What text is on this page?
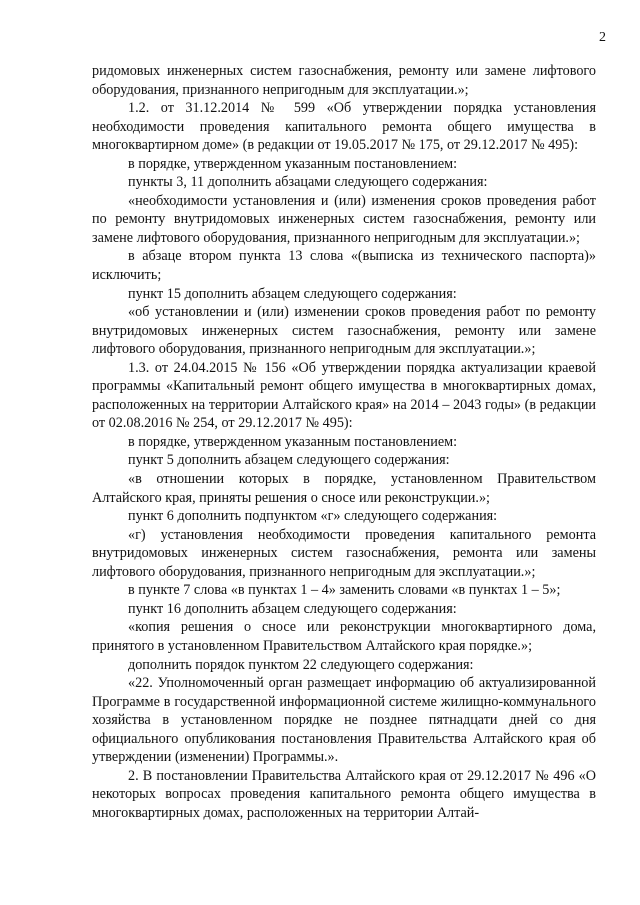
2

ридомовых инженерных систем газоснабжения, ремонту или замене лифтового оборудования, признанного непригодным для эксплуатации.»;

1.2. от 31.12.2014 № 599 «Об утверждении порядка установления необходимости проведения капитального ремонта общего имущества в многоквартирном доме» (в редакции от 19.05.2017 № 175, от 29.12.2017 № 495):

в порядке, утвержденном указанным постановлением:

пункты 3, 11 дополнить абзацами следующего содержания:

«необходимости установления и (или) изменения сроков проведения работ по ремонту внутридомовых инженерных систем газоснабжения, ремонту или замене лифтового оборудования, признанного непригодным для эксплуатации.»;

в абзаце втором пункта 13 слова «(выписка из технического паспорта)» исключить;

пункт 15 дополнить абзацем следующего содержания:

«об установлении и (или) изменении сроков проведения работ по ремонту внутридомовых инженерных систем газоснабжения, ремонту или замене лифтового оборудования, признанного непригодным для эксплуатации.»;

1.3. от 24.04.2015 № 156 «Об утверждении порядка актуализации краевой программы «Капитальный ремонт общего имущества в многоквартирных домах, расположенных на территории Алтайского края» на 2014 – 2043 годы» (в редакции от 02.08.2016 № 254, от 29.12.2017 № 495):

в порядке, утвержденном указанным постановлением:

пункт 5 дополнить абзацем следующего содержания:

«в отношении которых в порядке, установленном Правительством Алтайского края, приняты решения о сносе или реконструкции.»;

пункт 6 дополнить подпунктом «г» следующего содержания:

«г) установления необходимости проведения капитального ремонта внутридомовых инженерных систем газоснабжения, ремонта или замены лифтового оборудования, признанного непригодным для эксплуатации.»;

в пункте 7 слова «в пунктах 1 – 4» заменить словами «в пунктах 1 – 5»;

пункт 16 дополнить абзацем следующего содержания:

«копия решения о сносе или реконструкции многоквартирного дома, принятого в установленном Правительством Алтайского края порядке.»;

дополнить порядок пунктом 22 следующего содержания:

«22. Уполномоченный орган размещает информацию об актуализированной Программе в государственной информационной системе жилищно-коммунального хозяйства в установленном порядке не позднее пятнадцати дней со дня официального опубликования постановления Правительства Алтайского края об утверждении (изменении) Программы.».

2. В постановлении Правительства Алтайского края от 29.12.2017 № 496 «О некоторых вопросах проведения капитального ремонта общего имущества в многоквартирных домах, расположенных на территории Алтай-
